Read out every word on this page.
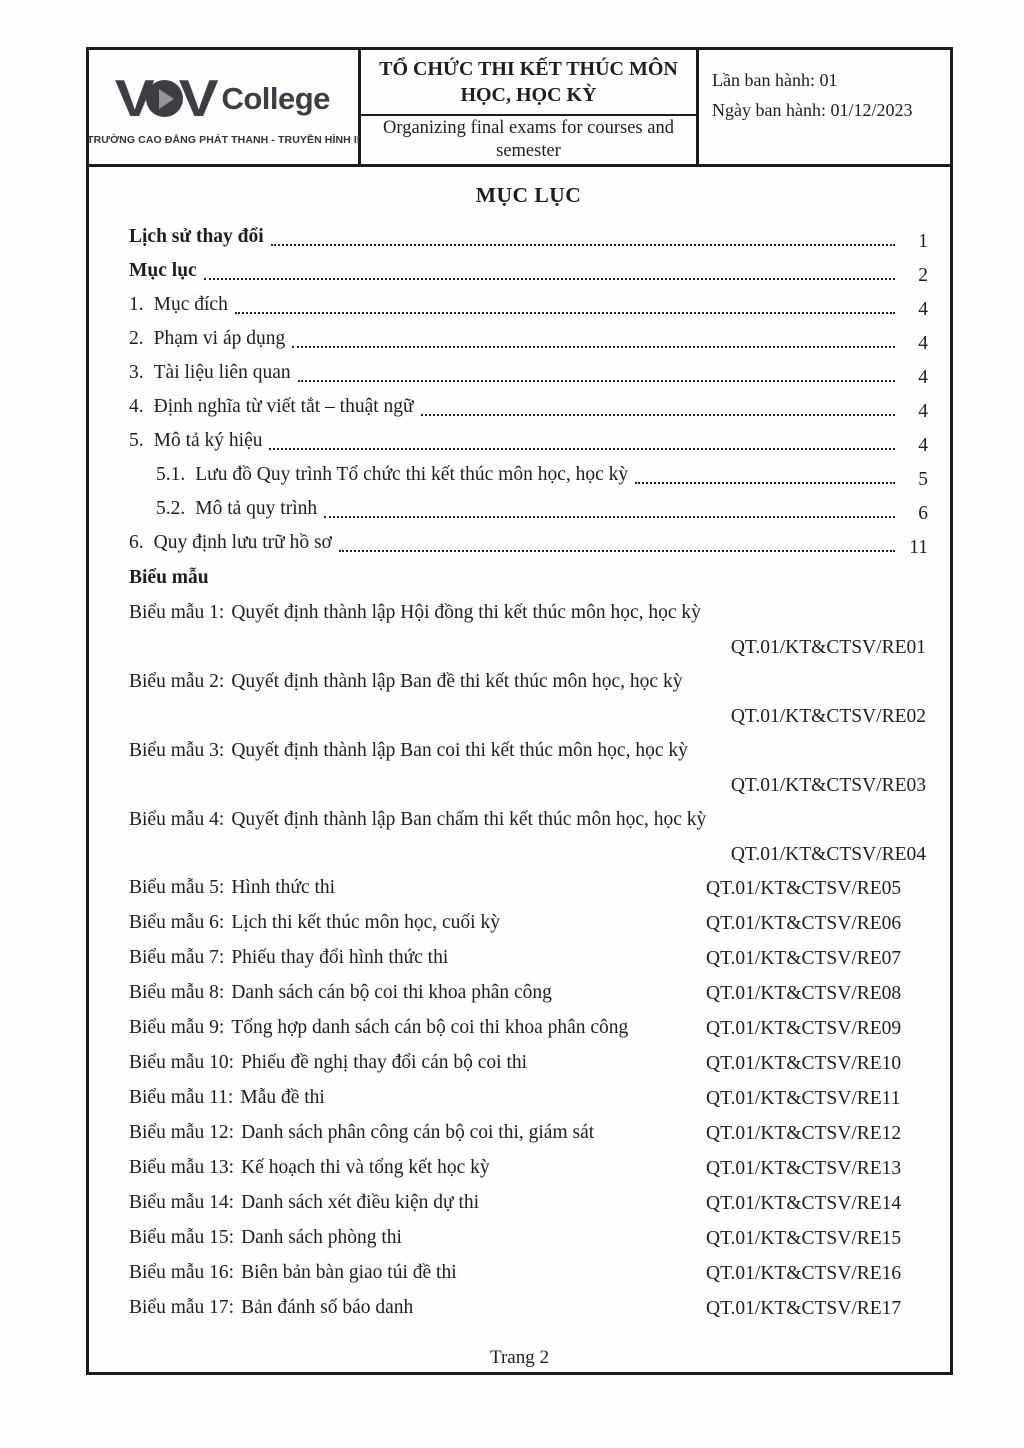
V V College
TRƯỜNG CAO ĐẲNG PHÁT THANH - TRUYỀN HÌNH II
TỔ CHỨC THI KẾT THÚC MÔN HỌC, HỌC KỲ
Organizing final exams for courses and semester
Lần ban hành: 01
Ngày ban hành: 01/12/2023
MỤC LỤC
Lịch sử thay đổi	1
Mục lục	2
1. Mục đích	4
2. Phạm vi áp dụng	4
3. Tài liệu liên quan	4
4. Định nghĩa từ viết tắt – thuật ngữ	4
5. Mô tả ký hiệu	4
5.1. Lưu đồ Quy trình Tổ chức thi kết thúc môn học, học kỳ	5
5.2. Mô tả quy trình	6
6. Quy định lưu trữ hồ sơ	11
Biểu mẫu
Biểu mẫu 1: Quyết định thành lập Hội đồng thi kết thúc môn học, học kỳ
QT.01/KT&CTSV/RE01
Biểu mẫu 2: Quyết định thành lập Ban đề thi kết thúc môn học, học kỳ
QT.01/KT&CTSV/RE02
Biểu mẫu 3: Quyết định thành lập Ban coi thi kết thúc môn học, học kỳ
QT.01/KT&CTSV/RE03
Biểu mẫu 4: Quyết định thành lập Ban chấm thi kết thúc môn học, học kỳ
QT.01/KT&CTSV/RE04
Biểu mẫu 5: Hình thức thi	QT.01/KT&CTSV/RE05
Biểu mẫu 6: Lịch thi kết thúc môn học, cuối kỳ	QT.01/KT&CTSV/RE06
Biểu mẫu 7: Phiếu thay đổi hình thức thi	QT.01/KT&CTSV/RE07
Biểu mẫu 8: Danh sách cán bộ coi thi khoa phân công	QT.01/KT&CTSV/RE08
Biểu mẫu 9: Tổng hợp danh sách cán bộ coi thi khoa phân công	QT.01/KT&CTSV/RE09
Biểu mẫu 10: Phiếu đề nghị thay đổi cán bộ coi thi	QT.01/KT&CTSV/RE10
Biểu mẫu 11: Mẫu đề thi	QT.01/KT&CTSV/RE11
Biểu mẫu 12: Danh sách phân công cán bộ coi thi, giám sát	QT.01/KT&CTSV/RE12
Biểu mẫu 13: Kế hoạch thi và tổng kết học kỳ	QT.01/KT&CTSV/RE13
Biểu mẫu 14: Danh sách xét điều kiện dự thi	QT.01/KT&CTSV/RE14
Biểu mẫu 15: Danh sách phòng thi	QT.01/KT&CTSV/RE15
Biểu mẫu 16: Biên bản bàn giao túi đề thi	QT.01/KT&CTSV/RE16
Biểu mẫu 17: Bản đánh số báo danh	QT.01/KT&CTSV/RE17
Trang 2
